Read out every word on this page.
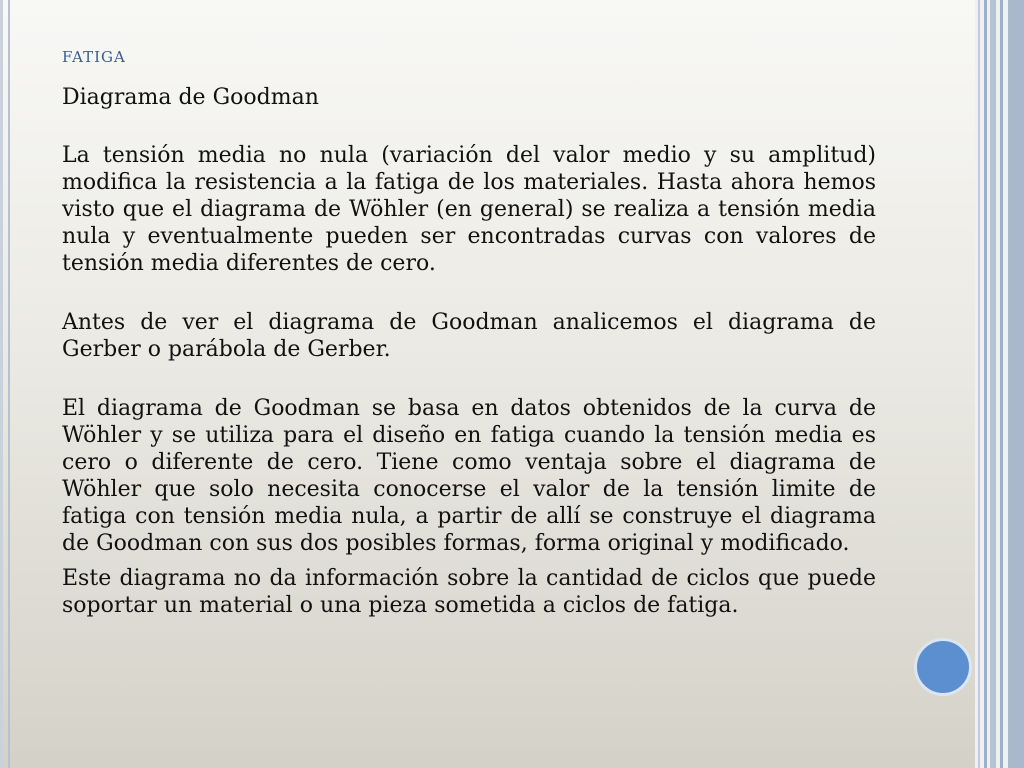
FATIGA

Diagrama de Goodman

La tensión media no nula (variación del valor medio y su amplitud) modifica la resistencia a la fatiga de los materiales. Hasta ahora hemos visto que el diagrama de Wöhler (en general) se realiza a tensión media nula y eventualmente pueden ser encontradas curvas con valores de tensión media diferentes de cero.

Antes de ver el diagrama de Goodman analicemos el diagrama de Gerber o parábola de Gerber.

El diagrama de Goodman se basa en datos obtenidos de la curva de Wöhler y se utiliza para el diseño en fatiga cuando la tensión media es cero o diferente de cero. Tiene como ventaja sobre el diagrama de Wöhler que solo necesita conocerse el valor de la tensión limite de fatiga con tensión media nula, a partir de allí se construye el diagrama de Goodman con sus dos posibles formas, forma original y modificado.

Este diagrama no da información sobre la cantidad de ciclos que puede soportar un material o una pieza sometida a ciclos de fatiga.
